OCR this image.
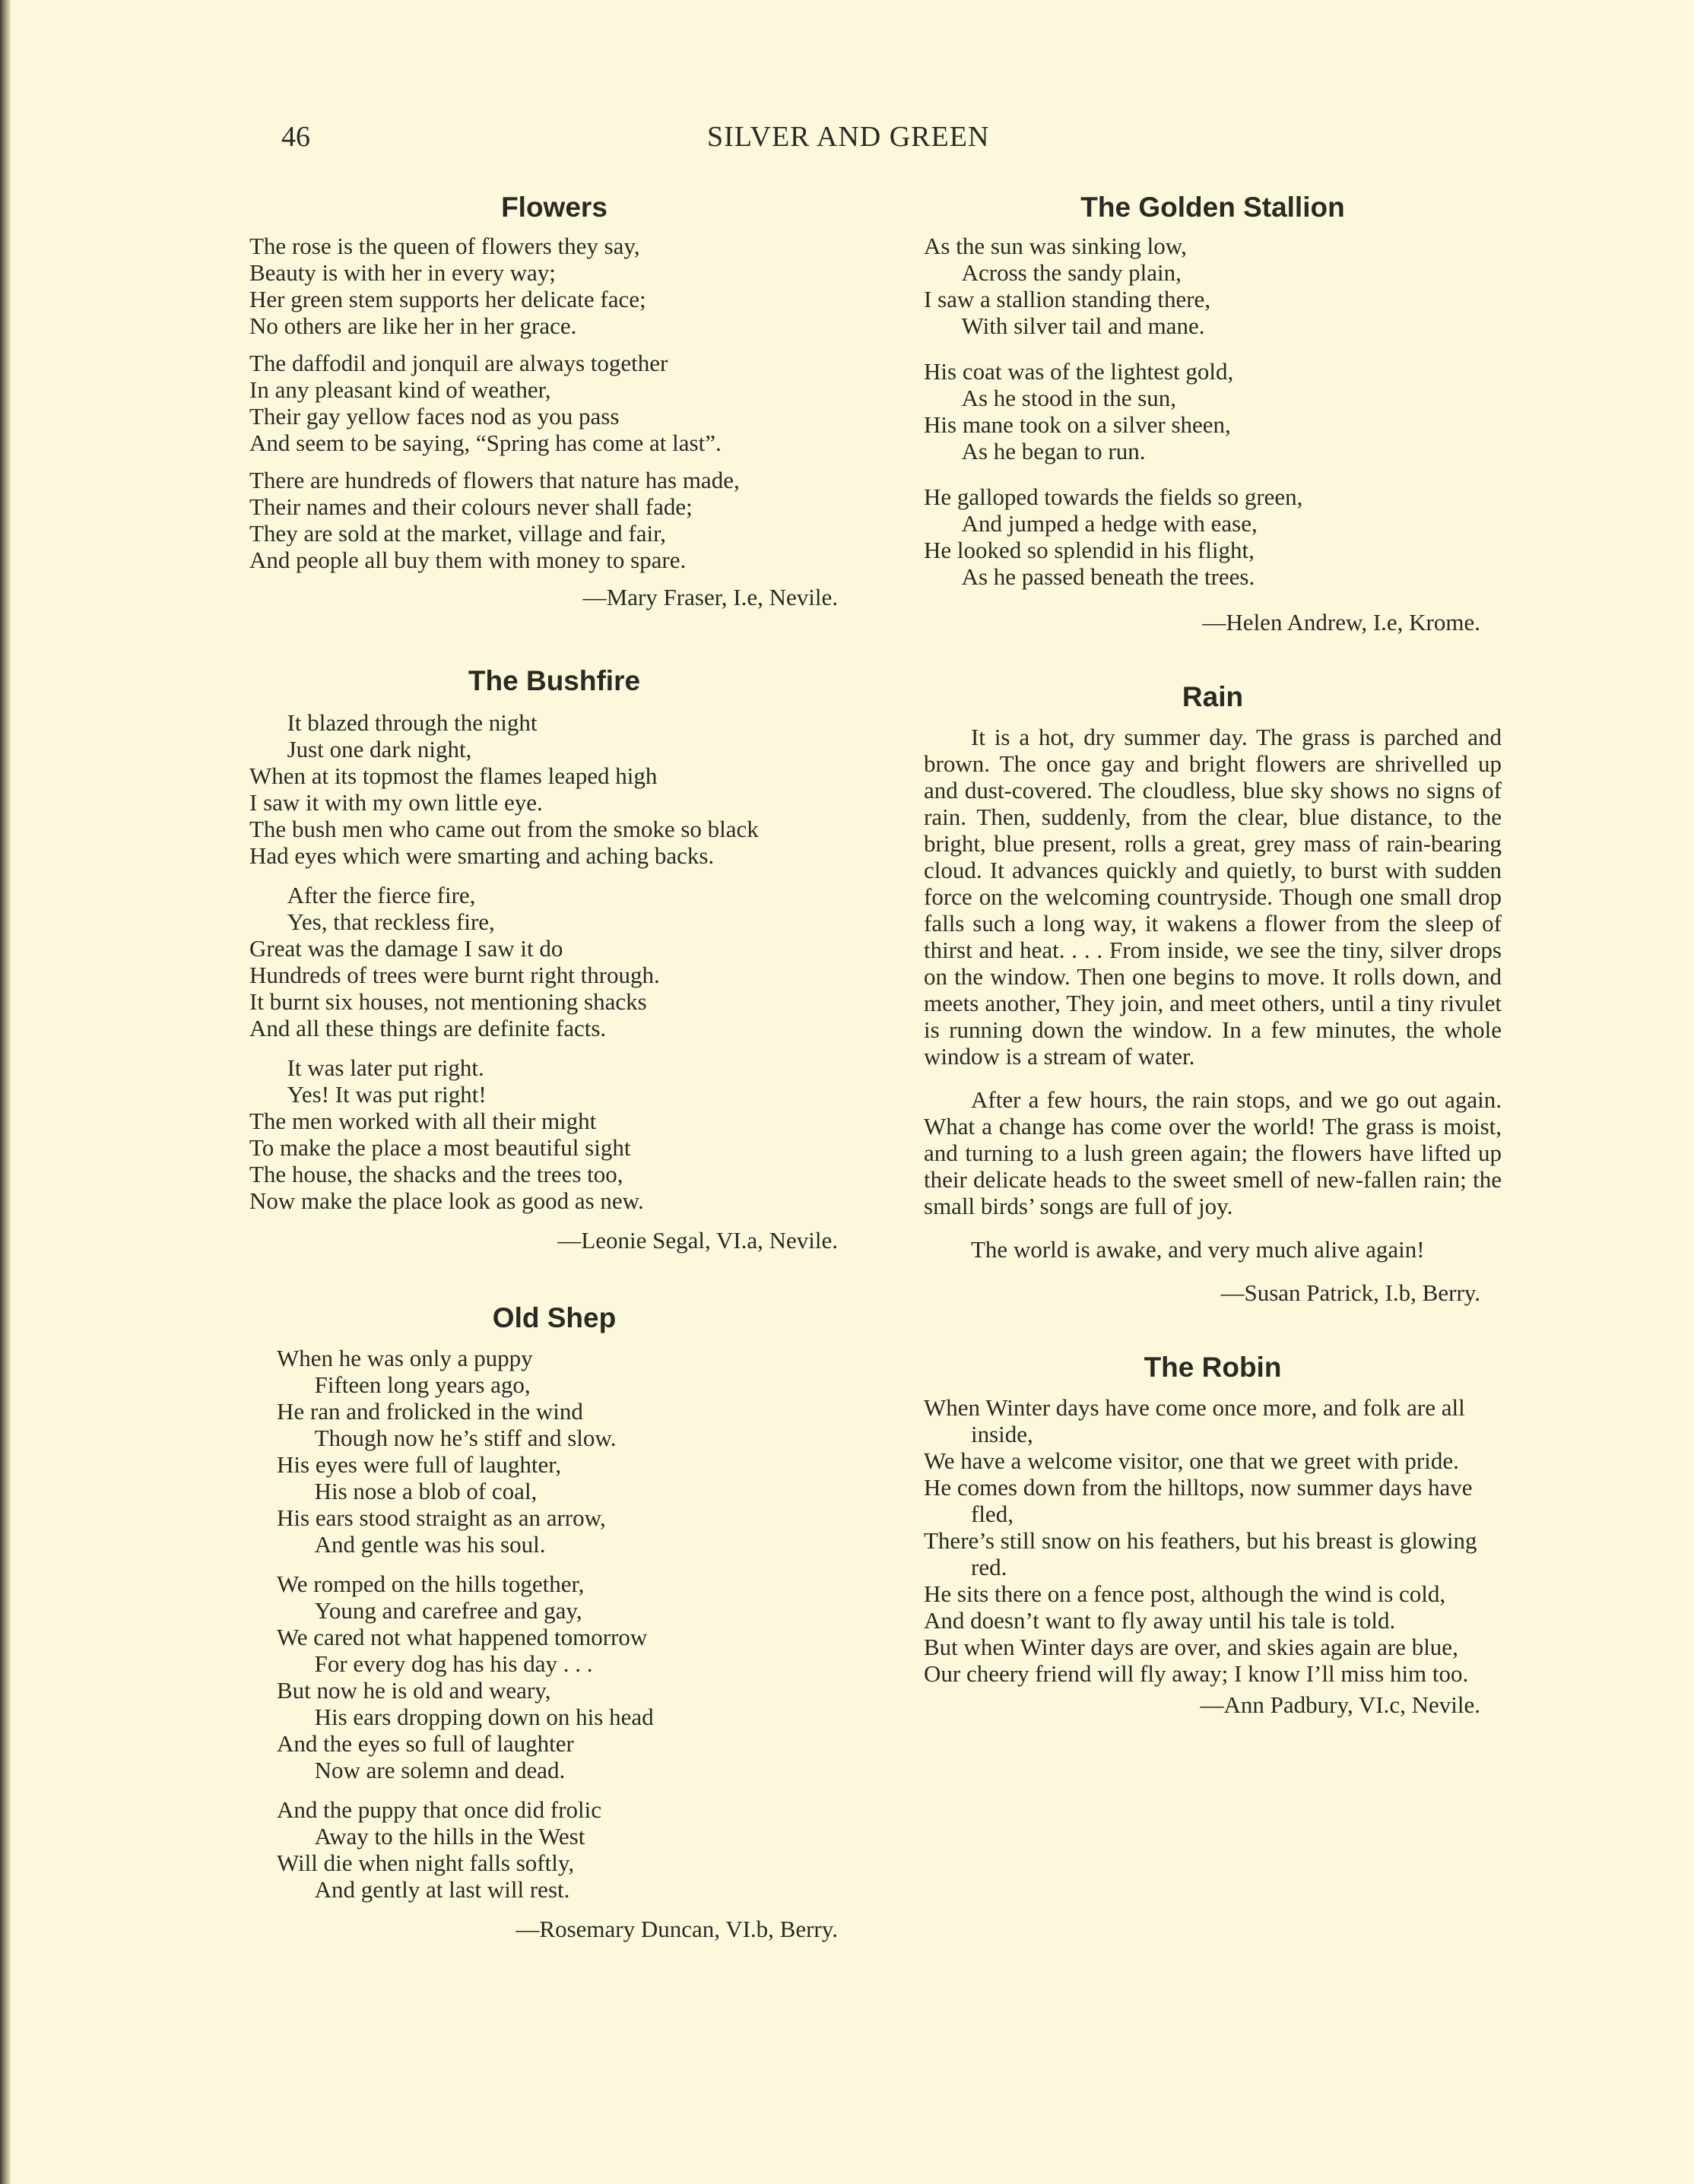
46	SILVER AND GREEN
Flowers
The rose is the queen of flowers they say,
Beauty is with her in every way;
Her green stem supports her delicate face;
No others are like her in her grace.
The daffodil and jonquil are always together
In any pleasant kind of weather,
Their gay yellow faces nod as you pass
And seem to be saying, “Spring has come at last”.
There are hundreds of flowers that nature has made,
Their names and their colours never shall fade;
They are sold at the market, village and fair,
And people all buy them with money to spare.
—Mary Fraser, I.e, Nevile.
The Bushfire
It blazed through the night
Just one dark night,
When at its topmost the flames leaped high
I saw it with my own little eye.
The bush men who came out from the smoke so black
Had eyes which were smarting and aching backs.
After the fierce fire,
Yes, that reckless fire,
Great was the damage I saw it do
Hundreds of trees were burnt right through.
It burnt six houses, not mentioning shacks
And all these things are definite facts.
It was later put right.
Yes! It was put right!
The men worked with all their might
To make the place a most beautiful sight
The house, the shacks and the trees too,
Now make the place look as good as new.
—Leonie Segal, VI.a, Nevile.
Old Shep
When he was only a puppy
Fifteen long years ago,
He ran and frolicked in the wind
Though now he’s stiff and slow.
His eyes were full of laughter,
His nose a blob of coal,
His ears stood straight as an arrow,
And gentle was his soul.
We romped on the hills together,
Young and carefree and gay,
We cared not what happened tomorrow
For every dog has his day . . .
But now he is old and weary,
His ears dropping down on his head
And the eyes so full of laughter
Now are solemn and dead.
And the puppy that once did frolic
Away to the hills in the West
Will die when night falls softly,
And gently at last will rest.
—Rosemary Duncan, VI.b, Berry.
The Golden Stallion
As the sun was sinking low,
Across the sandy plain,
I saw a stallion standing there,
With silver tail and mane.
His coat was of the lightest gold,
As he stood in the sun,
His mane took on a silver sheen,
As he began to run.
He galloped towards the fields so green,
And jumped a hedge with ease,
He looked so splendid in his flight,
As he passed beneath the trees.
—Helen Andrew, I.e, Krome.
Rain

It is a hot, dry summer day. The grass is parched and brown. The once gay and bright flowers are shrivelled up and dust-covered. The cloudless, blue sky shows no signs of rain. Then, suddenly, from the clear, blue distance, to the bright, blue present, rolls a great, grey mass of rain-bearing cloud. It advances quickly and quietly, to burst with sudden force on the welcoming countryside. Though one small drop falls such a long way, it wakens a flower from the sleep of thirst and heat. . . . From inside, we see the tiny, silver drops on the window. Then one begins to move. It rolls down, and meets another, They join, and meet others, until a tiny rivulet is running down the window. In a few minutes, the whole window is a stream of water.

After a few hours, the rain stops, and we go out again. What a change has come over the world! The grass is moist, and turning to a lush green again; the flowers have lifted up their delicate heads to the sweet smell of new-fallen rain; the small birds’ songs are full of joy.

The world is awake, and very much alive again!

—Susan Patrick, I.b, Berry.
The Robin
When Winter days have come once more, and folk are all inside,
We have a welcome visitor, one that we greet with pride.
He comes down from the hilltops, now summer days have fled,
There’s still snow on his feathers, but his breast is glowing red.
He sits there on a fence post, although the wind is cold,
And doesn’t want to fly away until his tale is told.
But when Winter days are over, and skies again are blue,
Our cheery friend will fly away; I know I’ll miss him too.
—Ann Padbury, VI.c, Nevile.
